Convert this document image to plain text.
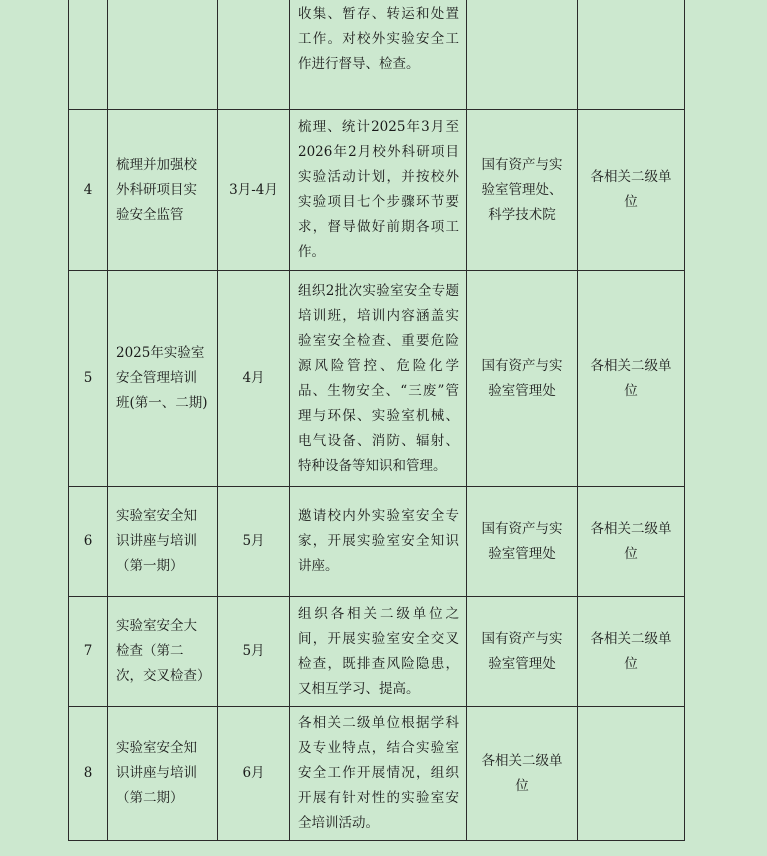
			收集、暂存、转运和处置工作。对校外实验安全工作进行督导、检查。		
4	梳理并加强校外科研项目实验安全监管	3月-4月	梳理、统计2025年3月至2026年2月校外科研项目实验活动计划，并按校外实验项目七个步骤环节要求，督导做好前期各项工作。	国有资产与实验室管理处、科学技术院	各相关二级单位
5	2025年实验室安全管理培训班(第一、二期)	4月	组织2批次实验室安全专题培训班，培训内容涵盖实验室安全检查、重要危险源风险管控、危险化学品、生物安全、“三废”管理与环保、实验室机械、电气设备、消防、辐射、特种设备等知识和管理。	国有资产与实验室管理处	各相关二级单位
6	实验室安全知识讲座与培训（第一期）	5月	邀请校内外实验室安全专家，开展实验室安全知识讲座。	国有资产与实验室管理处	各相关二级单位
7	实验室安全大检查（第二次，交叉检查）	5月	组织各相关二级单位之间，开展实验室安全交叉检查，既排查风险隐患，又相互学习、提高。	国有资产与实验室管理处	各相关二级单位
8	实验室安全知识讲座与培训（第二期）	6月	各相关二级单位根据学科及专业特点，结合实验室安全工作开展情况，组织开展有针对性的实验室安全培训活动。	各相关二级单位	
